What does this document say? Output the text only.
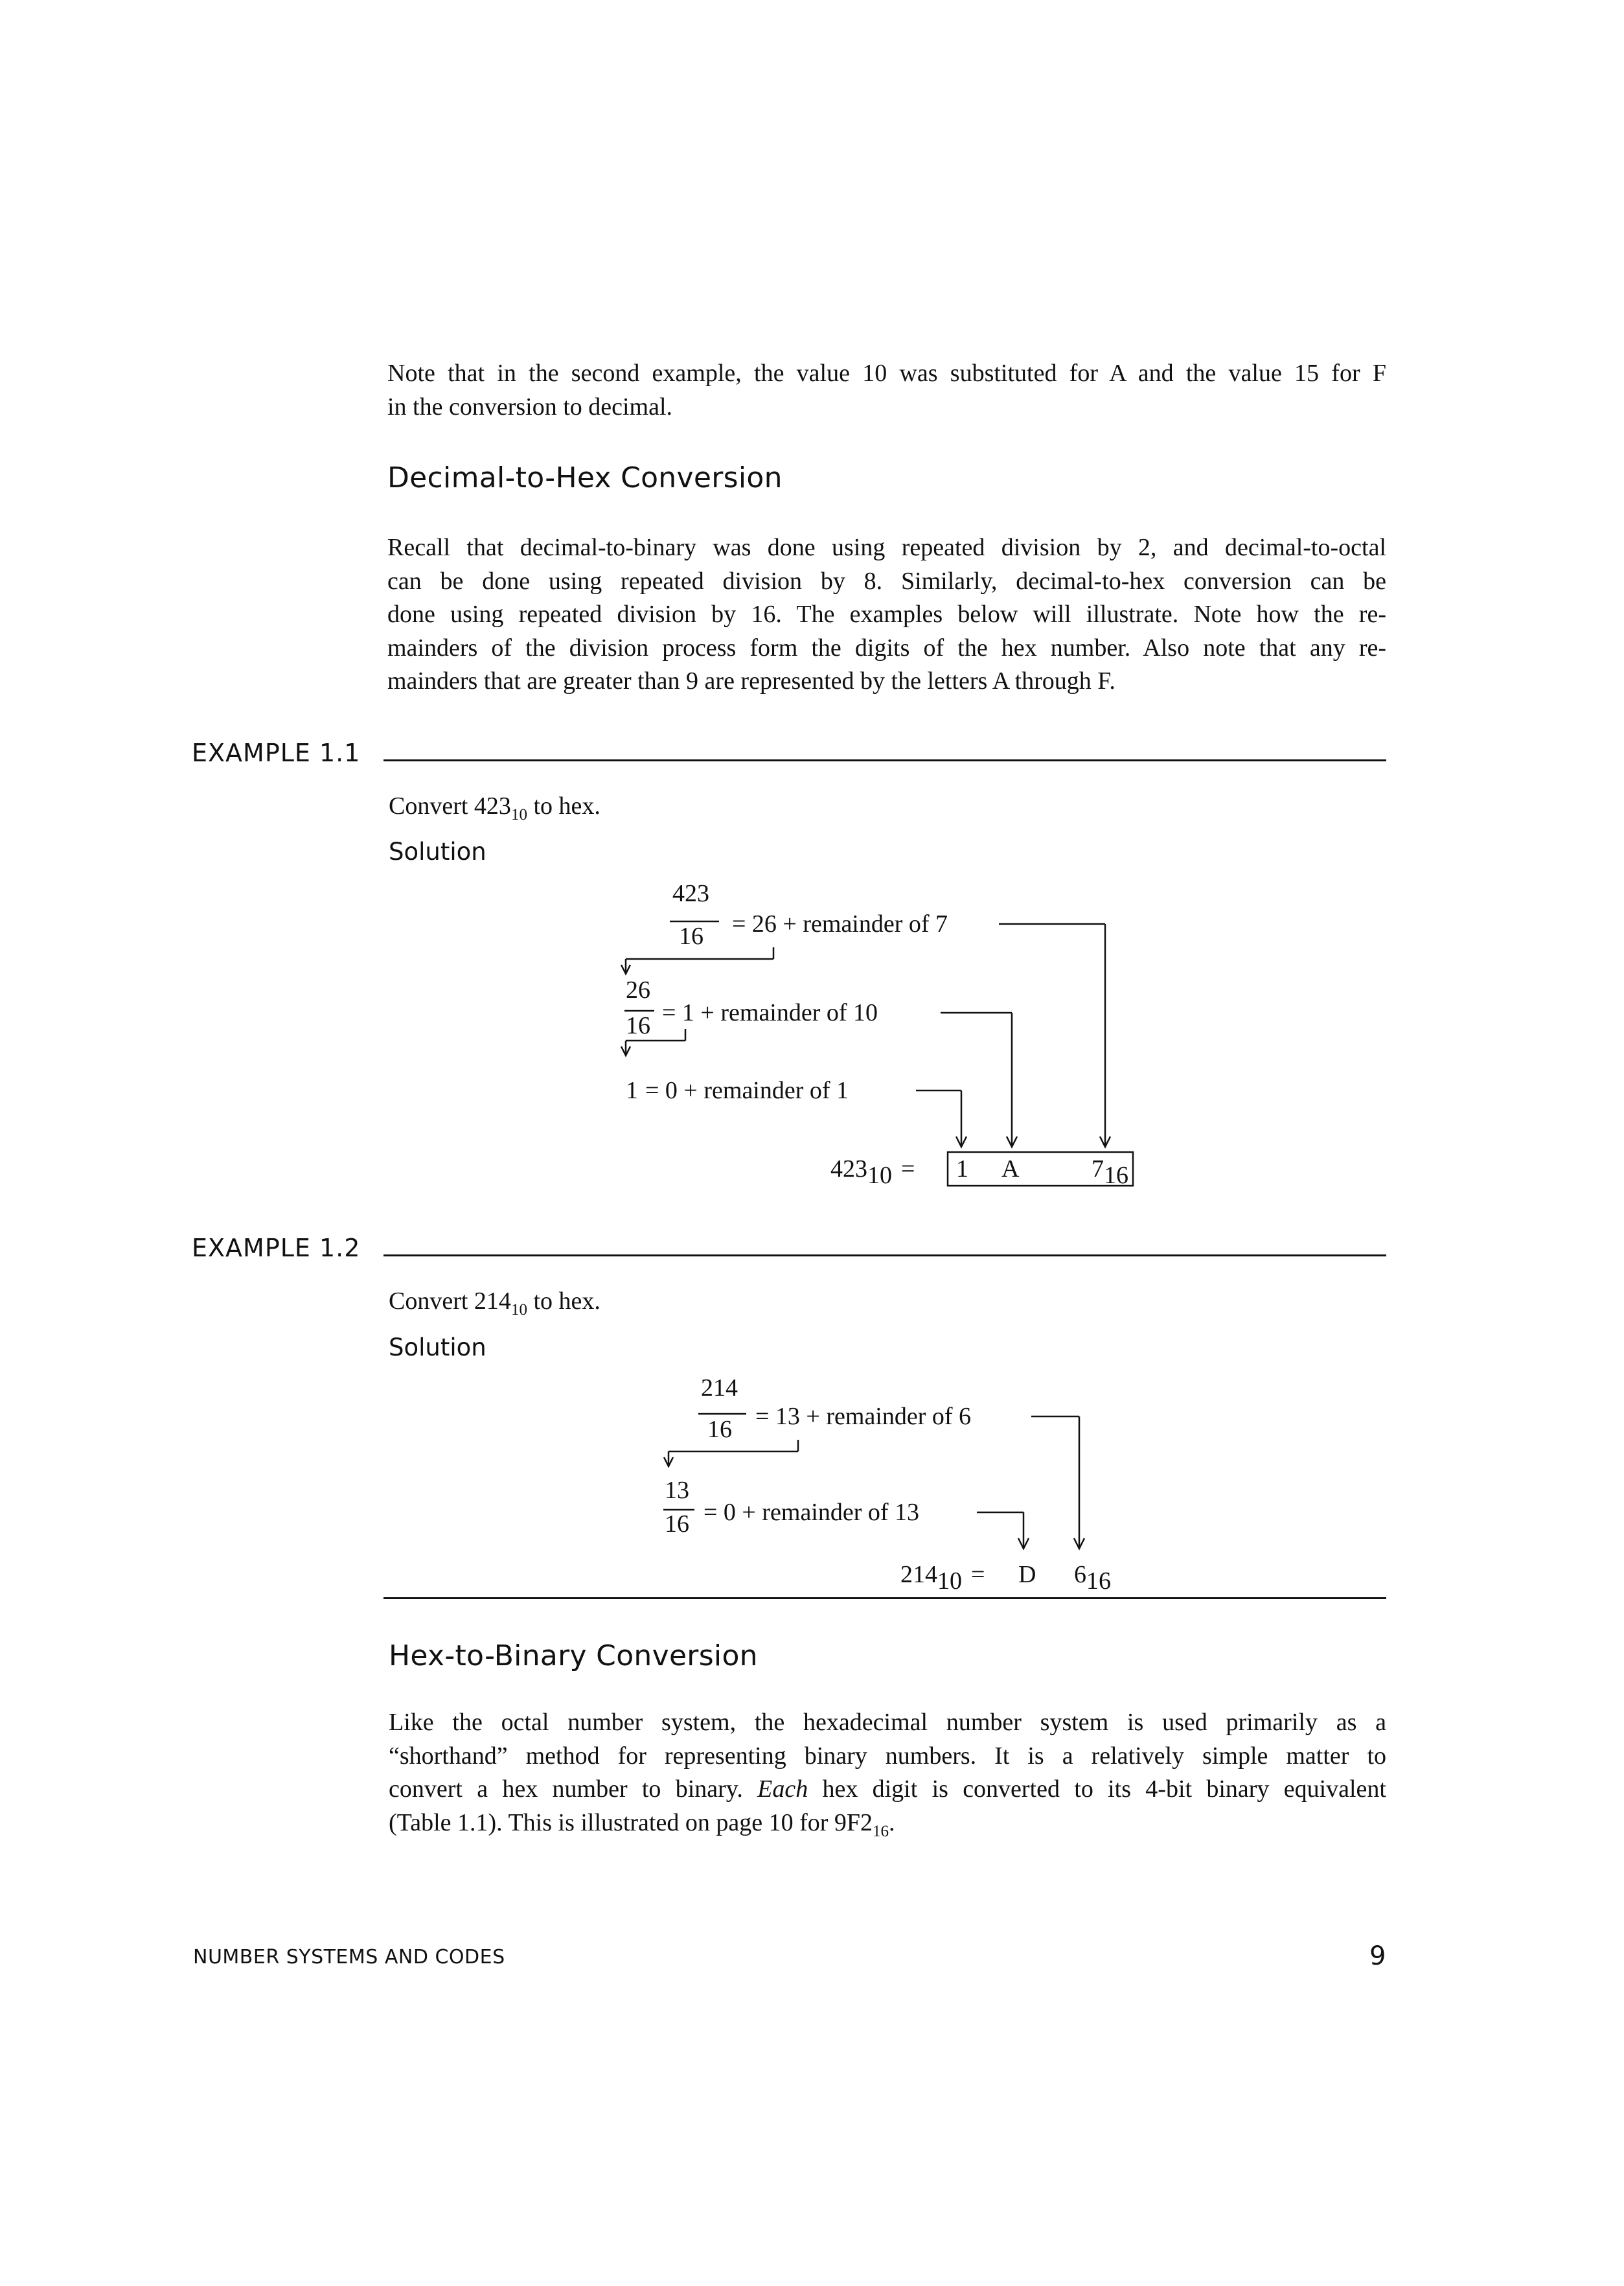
Note that in the second example, the value 10 was substituted for A and the value 15 for F
in the conversion to decimal.
Decimal-to-Hex Conversion
Recall that decimal-to-binary was done using repeated division by 2, and decimal-to-octal
can be done using repeated division by 8. Similarly, decimal-to-hex conversion can be
done using repeated division by 16. The examples below will illustrate. Note how the re-
mainders of the division process form the digits of the hex number. Also note that any re-
mainders that are greater than 9 are represented by the letters A through F.
EXAMPLE 1.1
Convert $423_{10}$ to hex.
Solution
423
16 = 26 + remainder of 7
26
16 = 1 + remainder of 10
1 = 0 + remainder of 1
42310 = 1 A	716
EXAMPLE 1.2
Convert $214_{10}$ to hex.
Solution
214
16 = 13 + remainder of 6
13
16 = 0 + remainder of 13
21410 = D 616
Hex-to-Binary Conversion
Like the octal number system, the hexadecimal number system is used primarily as a
“shorthand” method for representing binary numbers. It is a relatively simple matter to
convert a hex number to binary. Each hex digit is converted to its 4-bit binary equivalent
(Table 1.1). This is illustrated on page 10 for $9F2_{16}$.
NUMBER SYSTEMS AND CODES	9
